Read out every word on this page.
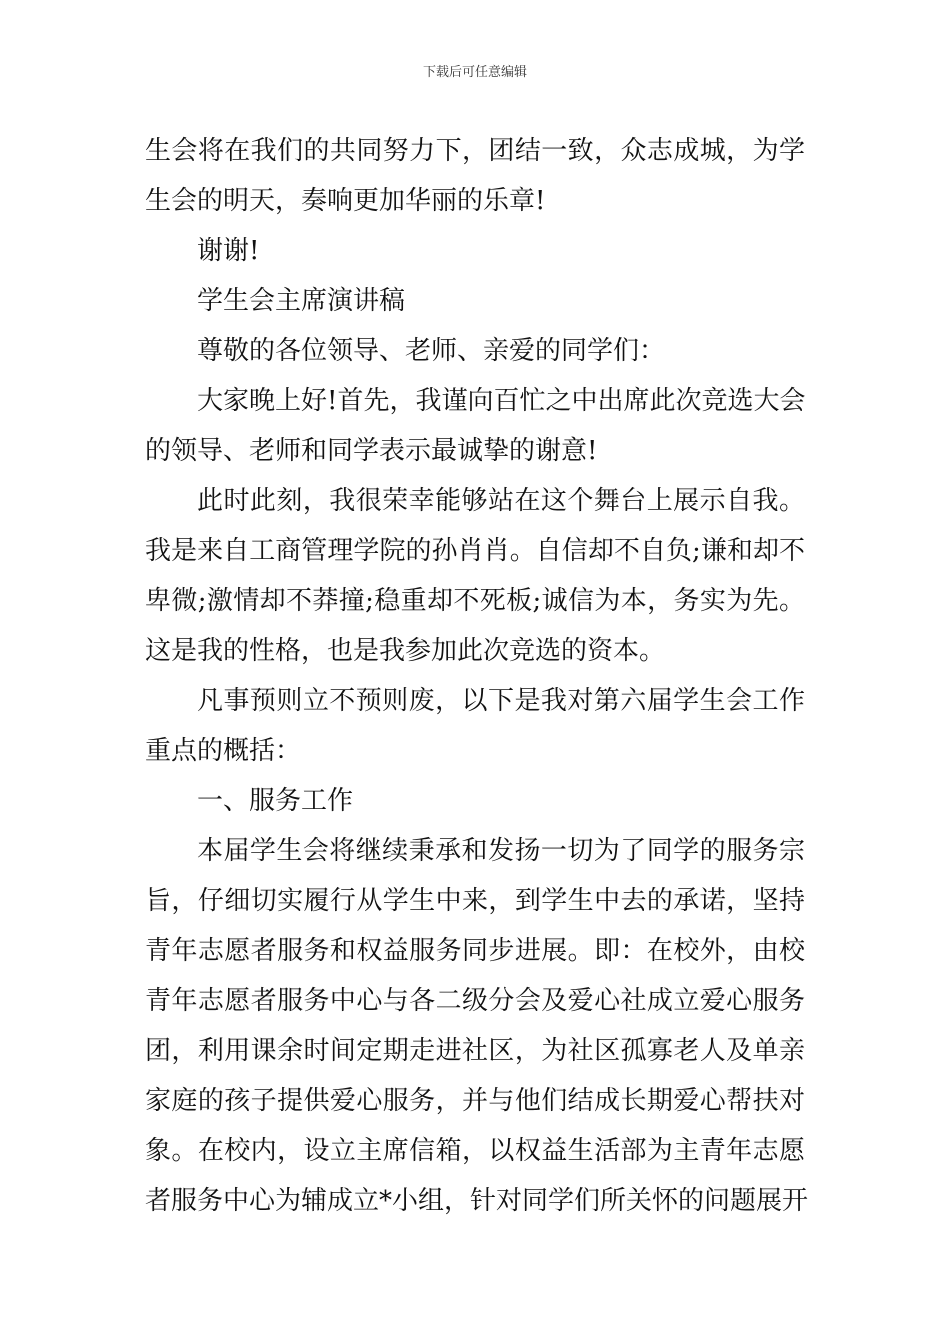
下载后可任意编辑
生会将在我们的共同努力下，团结一致，众志成城，为学
生会的明天，奏响更加华丽的乐章!
谢谢!
学生会主席演讲稿
尊敬的各位领导、老师、亲爱的同学们：
大家晚上好!首先，我谨向百忙之中出席此次竞选大会
的领导、老师和同学表示最诚挚的谢意!
此时此刻，我很荣幸能够站在这个舞台上展示自我。
我是来自工商管理学院的孙肖肖。自信却不自负;谦和却不
卑微;激情却不莽撞;稳重却不死板;诚信为本，务实为先。
这是我的性格，也是我参加此次竞选的资本。
凡事预则立不预则废，以下是我对第六届学生会工作
重点的概括：
一、服务工作
本届学生会将继续秉承和发扬一切为了同学的服务宗
旨，仔细切实履行从学生中来，到学生中去的承诺，坚持
青年志愿者服务和权益服务同步进展。即：在校外，由校
青年志愿者服务中心与各二级分会及爱心社成立爱心服务
团，利用课余时间定期走进社区，为社区孤寡老人及单亲
家庭的孩子提供爱心服务，并与他们结成长期爱心帮扶对
象。在校内，设立主席信箱，以权益生活部为主青年志愿
者服务中心为辅成立*小组，针对同学们所关怀的问题展开
